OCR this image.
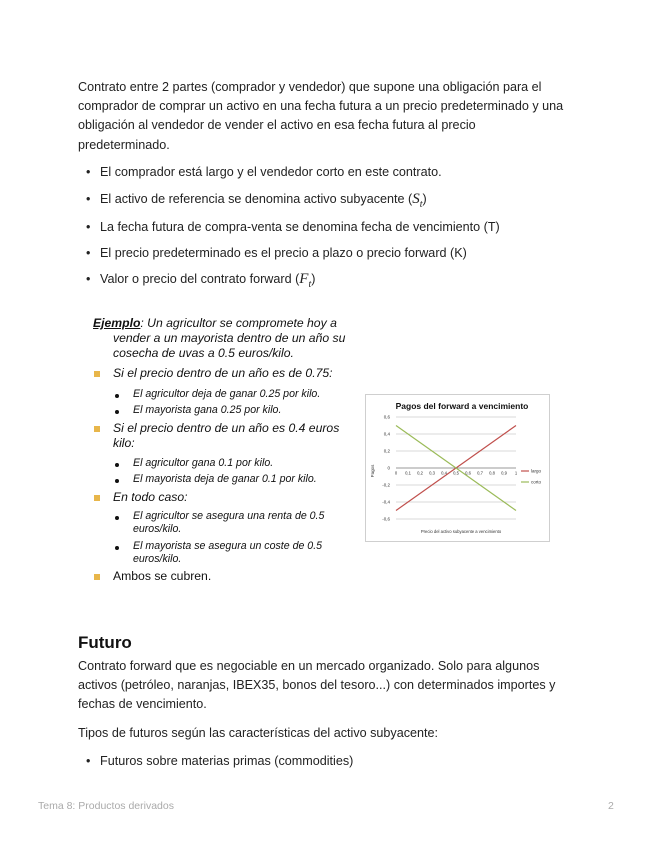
Contrato entre 2 partes (comprador y vendedor) que supone una obligación para el
comprador de comprar un activo en una fecha futura a un precio predeterminado y una
obligación al vendedor de vender el activo en esa fecha futura al precio
predeterminado.
• El comprador está largo y el vendedor corto en este contrato.
• El activo de referencia se denomina activo subyacente $(S_t)$
• La fecha futura de compra-venta se denomina fecha de vencimiento (T)
• El precio predeterminado es el precio a plazo o precio forward (K)
• Valor o precio del contrato forward $(F_t)$
Ejemplo: Un agricultor se compromete hoy a
vender a un mayorista dentro de un año su
cosecha de uvas a 0.5 euros/kilo.
Si el precio dentro de un año es de 0.75:
El agricultor deja de ganar 0.25 por kilo.
El mayorista gana 0.25 por kilo.
Si el precio dentro de un año es 0.4 euros
kilo:
El agricultor gana 0.1 por kilo.
El mayorista deja de ganar 0.1 por kilo.
En todo caso:
El agricultor se asegura una renta de 0.5
euros/kilo.
El mayorista se asegura un coste de 0.5
euros/kilo.
Ambos se cubren.
Pagos del forward a vencimiento
-0,6
-0,4
-0,2
0
0,2
0,4
0,6
0 0,1 0,2 0,3 0,4 0,5 0,6 0,7 0,8 0,9 1
Pagos
Precio del activo subyacente a vencimiento
largo
corto
Futuro
Contrato forward que es negociable en un mercado organizado. Solo para algunos
activos (petróleo, naranjas, IBEX35, bonos del tesoro...) con determinados importes y
fechas de vencimiento.
Tipos de futuros según las características del activo subyacente:
• Futuros sobre materias primas (commodities)
Tema 8: Productos derivados	2
